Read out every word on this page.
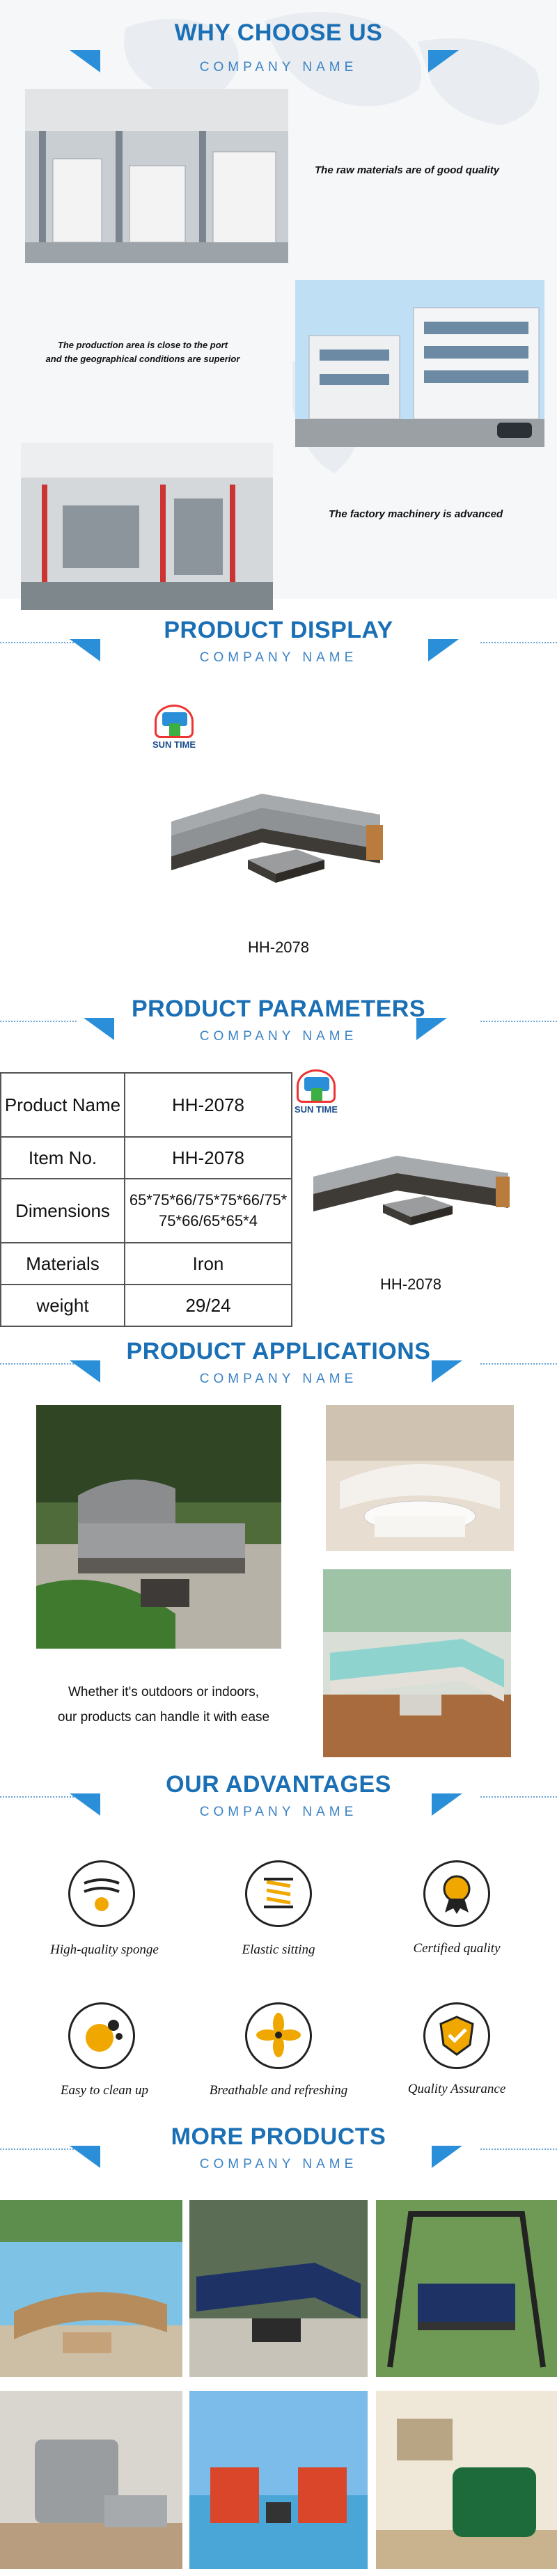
WHY CHOOSE US
COMPANY NAME
The raw materials are of good quality
The production area is close to the port
and the geographical conditions are superior
The factory machinery is advanced
PRODUCT DISPLAY
COMPANY NAME
SUN TIME
HH-2078
PRODUCT PARAMETERS
COMPANY NAME
Product Name	HH-2078
Item No.	HH-2078
Dimensions	65*75*66/75*75*66/75*75*66/65*65*4
Materials	Iron
weight	29/24
SUN TIME
HH-2078
PRODUCT APPLICATIONS
COMPANY NAME
Whether it's outdoors or indoors,
our products can handle it with ease
OUR ADVANTAGES
COMPANY NAME
High-quality sponge	Elastic sitting	Certified quality
Easy to clean up	Breathable and refreshing	Quality Assurance
MORE PRODUCTS
COMPANY NAME
